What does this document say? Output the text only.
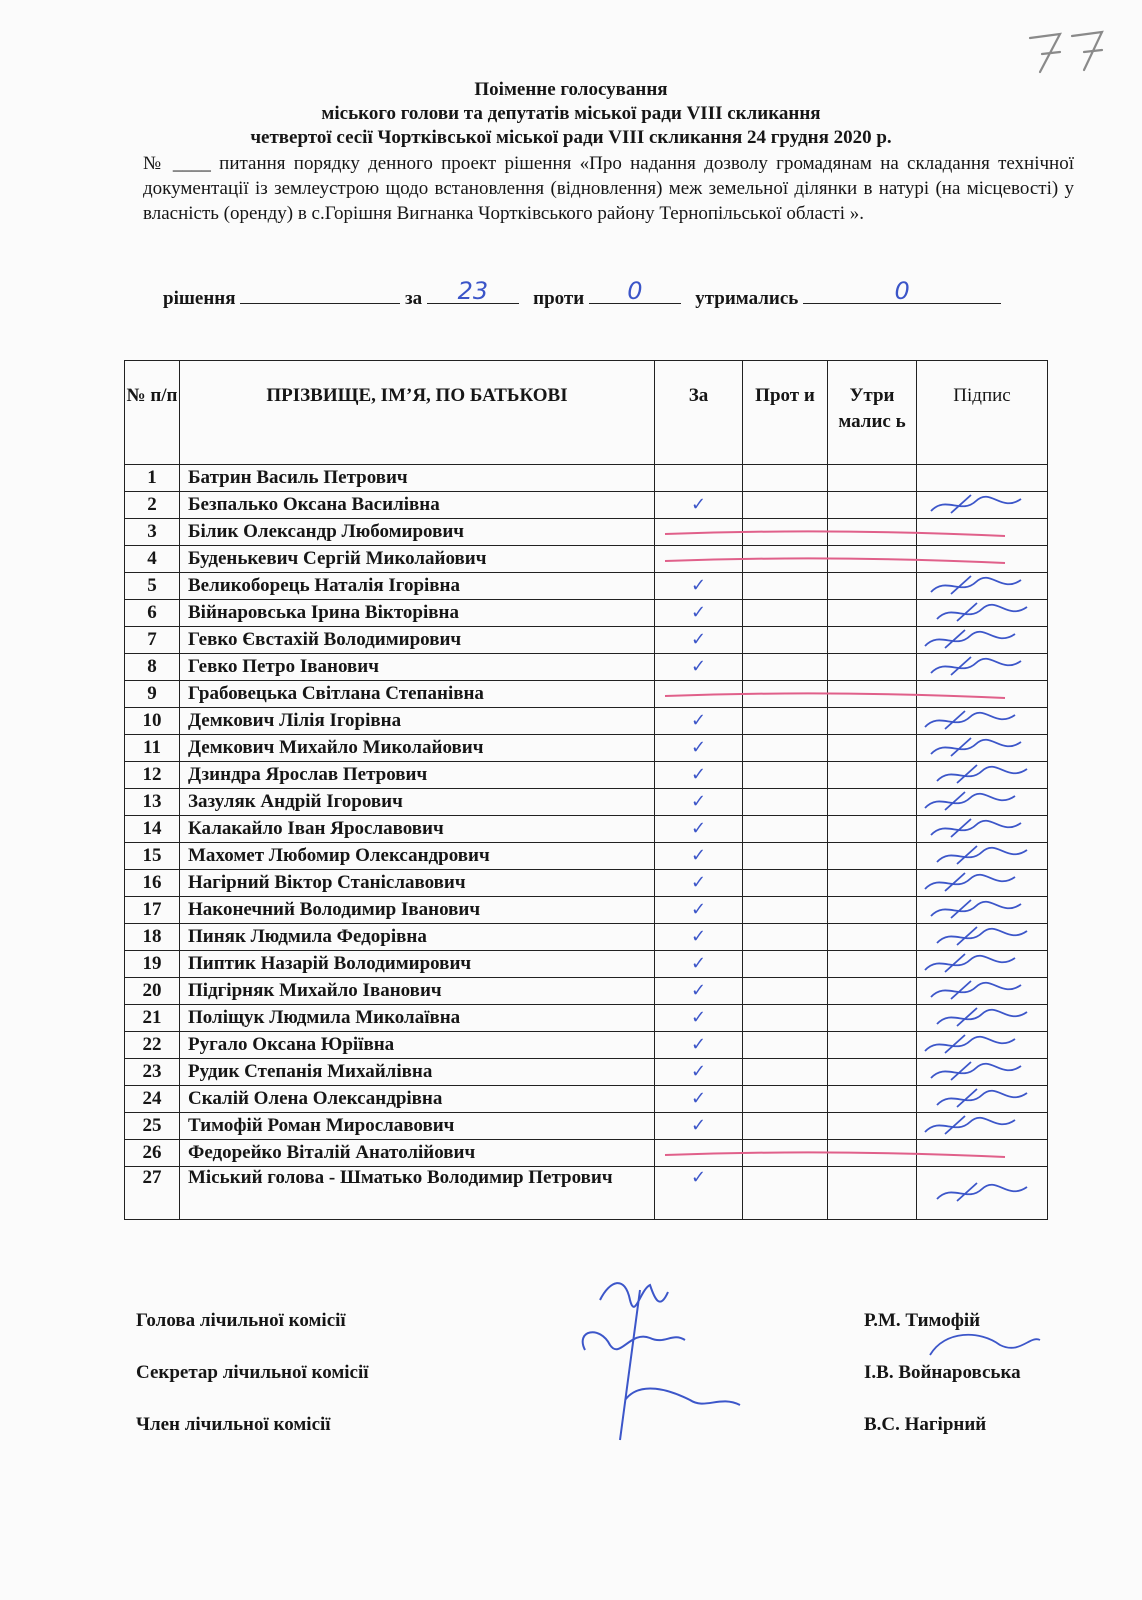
Поіменне голосування
міського голови та депутатів міської ради VIII скликання
четвертої сесії Чортківської міської ради VIII скликання 24 грудня 2020 р.
№ ____ питання порядку денного проект рішення «Про надання дозволу громадянам на складання технічної документації із землеустрою щодо встановлення (відновлення) меж земельної ділянки в натурі (на місцевості) у власність (оренду) в с.Горішня Вигнанка Чортківського району Тернопільської області ».
рішення	за	23	проти	0	утримались	0
№ п/п	ПРІЗВИЩЕ, ІМ’Я, ПО БАТЬКОВІ	За	Прот и	Утри малис ь	Підпис
1	Батрин Василь Петрович				
2	Безпалько Оксана Василівна	✓			
3	Білик Олександр Любомирович				
4	Буденькевич Сергій Миколайович				
5	Великоборець Наталія Ігорівна	✓			
6	Війнаровська Ірина Вікторівна	✓			
7	Гевко Євстахій Володимирович	✓			
8	Гевко Петро Іванович	✓			
9	Грабовецька Світлана Степанівна				
10	Демкович Лілія Ігорівна	✓			
11	Демкович Михайло Миколайович	✓			
12	Дзиндра Ярослав Петрович	✓			
13	Зазуляк Андрій Ігорович	✓			
14	Калакайло Іван Ярославович	✓			
15	Махомет Любомир Олександрович	✓			
16	Нагірний Віктор Станіславович	✓			
17	Наконечний Володимир Іванович	✓			
18	Пиняк Людмила Федорівна	✓			
19	Пиптик Назарій Володимирович	✓			
20	Підгірняк Михайло Іванович	✓			
21	Поліщук Людмила Миколаївна	✓			
22	Ругало Оксана Юріївна	✓			
23	Рудик Степанія Михайлівна	✓			
24	Скалій Олена Олександрівна	✓			
25	Тимофій Роман Мирославович	✓			
26	Федорейко Віталій Анатолійович				
27	Міський голова - Шматько Володимир Петрович	✓			
Голова лічильної комісії
Секретар лічильної комісії
Член лічильної комісії
Р.М. Тимофій
І.В. Войнаровська
В.С. Нагірний
